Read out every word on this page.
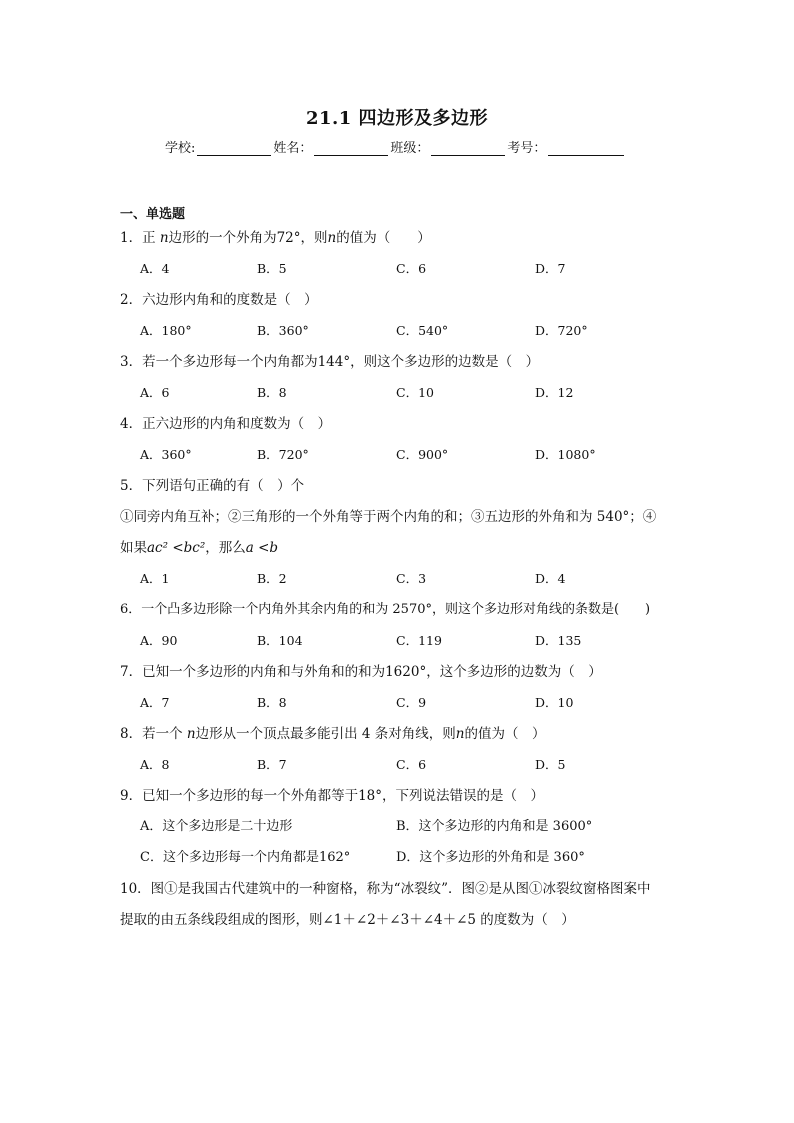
21.1 四边形及多边形
学校:	姓名：	班级：	考号：
一、单选题
1．正 n边形的一个外角为72°，则n的值为（　　）
A．4	B．5	C．6	D．7
2．六边形内角和的度数是（　）
A．180°	B．360°	C．540°	D．720°
3．若一个多边形每一个内角都为144°，则这个多边形的边数是（　）
A．6	B．8	C．10	D．12
4．正六边形的内角和度数为（　）
A．360°	B．720°	C．900°	D．1080°
5．下列语句正确的有（　）个
①同旁内角互补；②三角形的一个外角等于两个内角的和；③五边形的外角和为 540°；④
如果ac² <bc²，那么a <b
A．1	B．2	C．3	D．4
6．一个凸多边形除一个内角外其余内角的和为 2570°，则这个多边形对角线的条数是(　　)
A．90	B．104	C．119	D．135
7．已知一个多边形的内角和与外角和的和为1620°，这个多边形的边数为（　）
A．7	B．8	C．9	D．10
8．若一个 n边形从一个顶点最多能引出 4 条对角线，则n的值为（　）
A．8	B．7	C．6	D．5
9．已知一个多边形的每一个外角都等于18°，下列说法错误的是（　）
A．这个多边形是二十边形	B．这个多边形的内角和是 3600°
C．这个多边形每一个内角都是162°	D．这个多边形的外角和是 360°
10．图①是我国古代建筑中的一种窗格，称为“冰裂纹”．图②是从图①冰裂纹窗格图案中
提取的由五条线段组成的图形，则∠1＋∠2＋∠3＋∠4＋∠5 的度数为（　）
